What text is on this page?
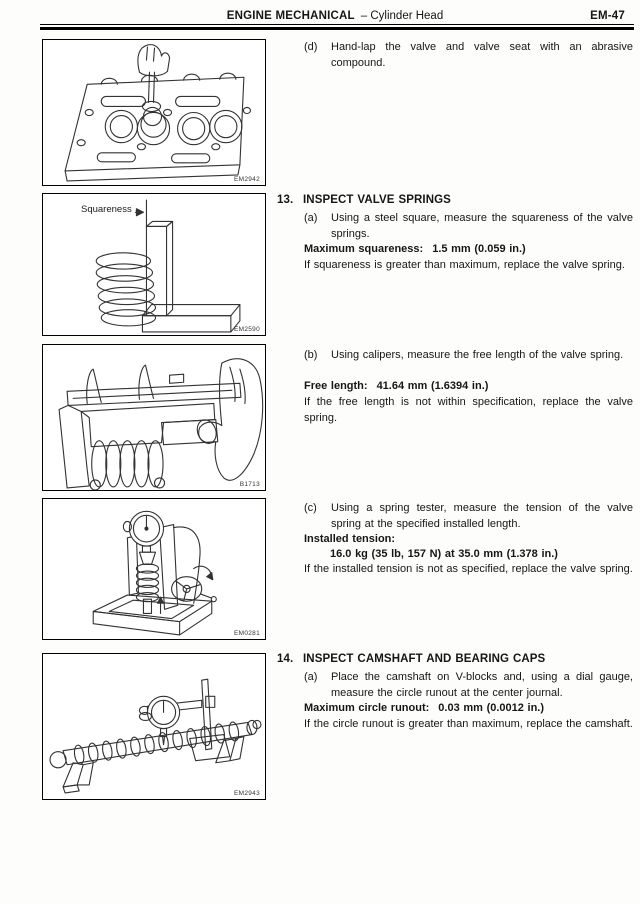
ENGINE MECHANICAL – Cylinder Head	EM-47
EM2942
Squareness
EM2590
B1713
EM0281
EM2943
(d)	Hand-lap the valve and valve seat with an abrasive compound.
13. INSPECT VALVE SPRINGS
(a)	Using a steel square, measure the squareness of the valve springs.
Maximum squareness: 1.5 mm (0.059 in.)
If squareness is greater than maximum, replace the valve spring.
(b)	Using calipers, measure the free length of the valve spring.
Free length: 41.64 mm (1.6394 in.)
If the free length is not within specification, replace the valve spring.
(c)	Using a spring tester, measure the tension of the valve spring at the specified installed length.
Installed tension:
16.0 kg (35 lb, 157 N) at 35.0 mm (1.378 in.)
If the installed tension is not as specified, replace the valve spring.
14. INSPECT CAMSHAFT AND BEARING CAPS
(a)	Place the camshaft on V-blocks and, using a dial gauge, measure the circle runout at the center journal.
Maximum circle runout: 0.03 mm (0.0012 in.)
If the circle runout is greater than maximum, replace the camshaft.
